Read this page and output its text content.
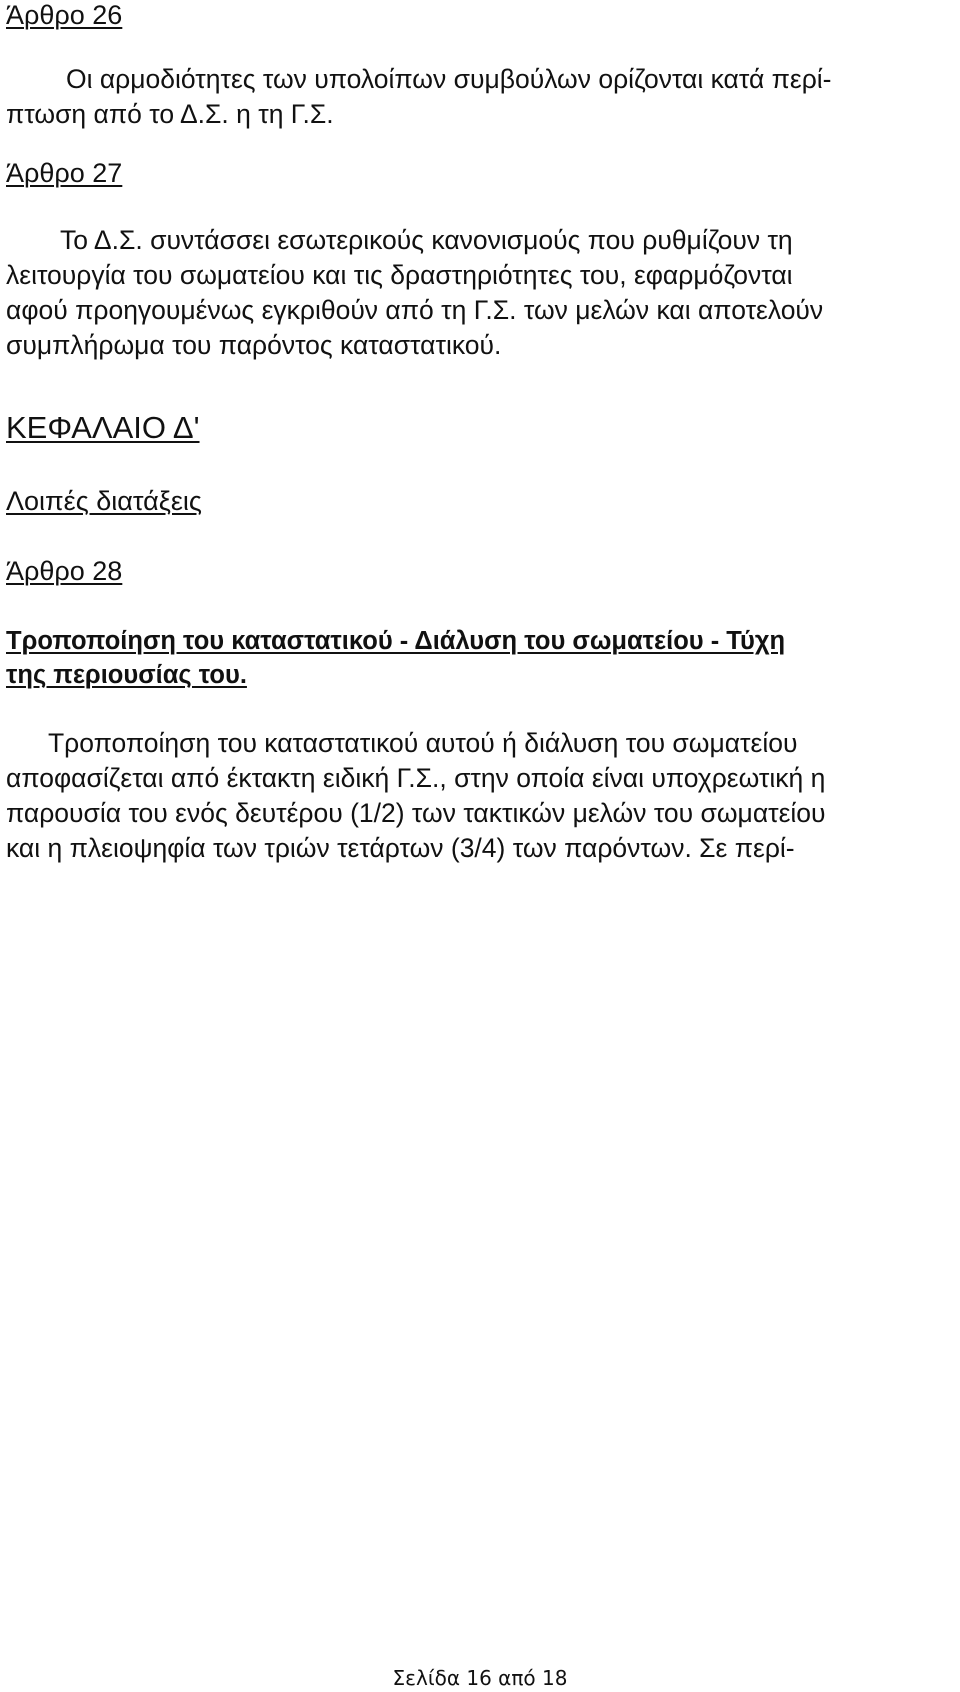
Άρθρο 26

Οι αρμοδιότητες των υπολοίπων συμβούλων ορίζονται κατά περί-
πτωση από το Δ.Σ. η τη Γ.Σ.

Άρθρο 27

Το Δ.Σ. συντάσσει εσωτερικούς κανονισμούς που ρυθμίζουν τη
λειτουργία του σωματείου και τις δραστηριότητες του, εφαρμόζονται
αφού προηγουμένως εγκριθούν από τη Γ.Σ. των μελών και αποτελούν
συμπλήρωμα του παρόντος καταστατικού.

ΚΕΦΑΛΑΙΟ Δ'
Λοιπές διατάξεις
Άρθρο 28
Τροποποίηση του καταστατικού - Διάλυση του σωματείου - Τύχη
της περιουσίας του.

Τροποποίηση του καταστατικού αυτού ή διάλυση του σωματείου
αποφασίζεται από έκτακτη ειδική Γ.Σ., στην οποία είναι υποχρεωτική η
παρουσία του ενός δευτέρου (1/2) των τακτικών μελών του σωματείου
και η πλειοψηφία των τριών τετάρτων (3/4) των παρόντων. Σε περί-

Σελίδα 16 από 18
